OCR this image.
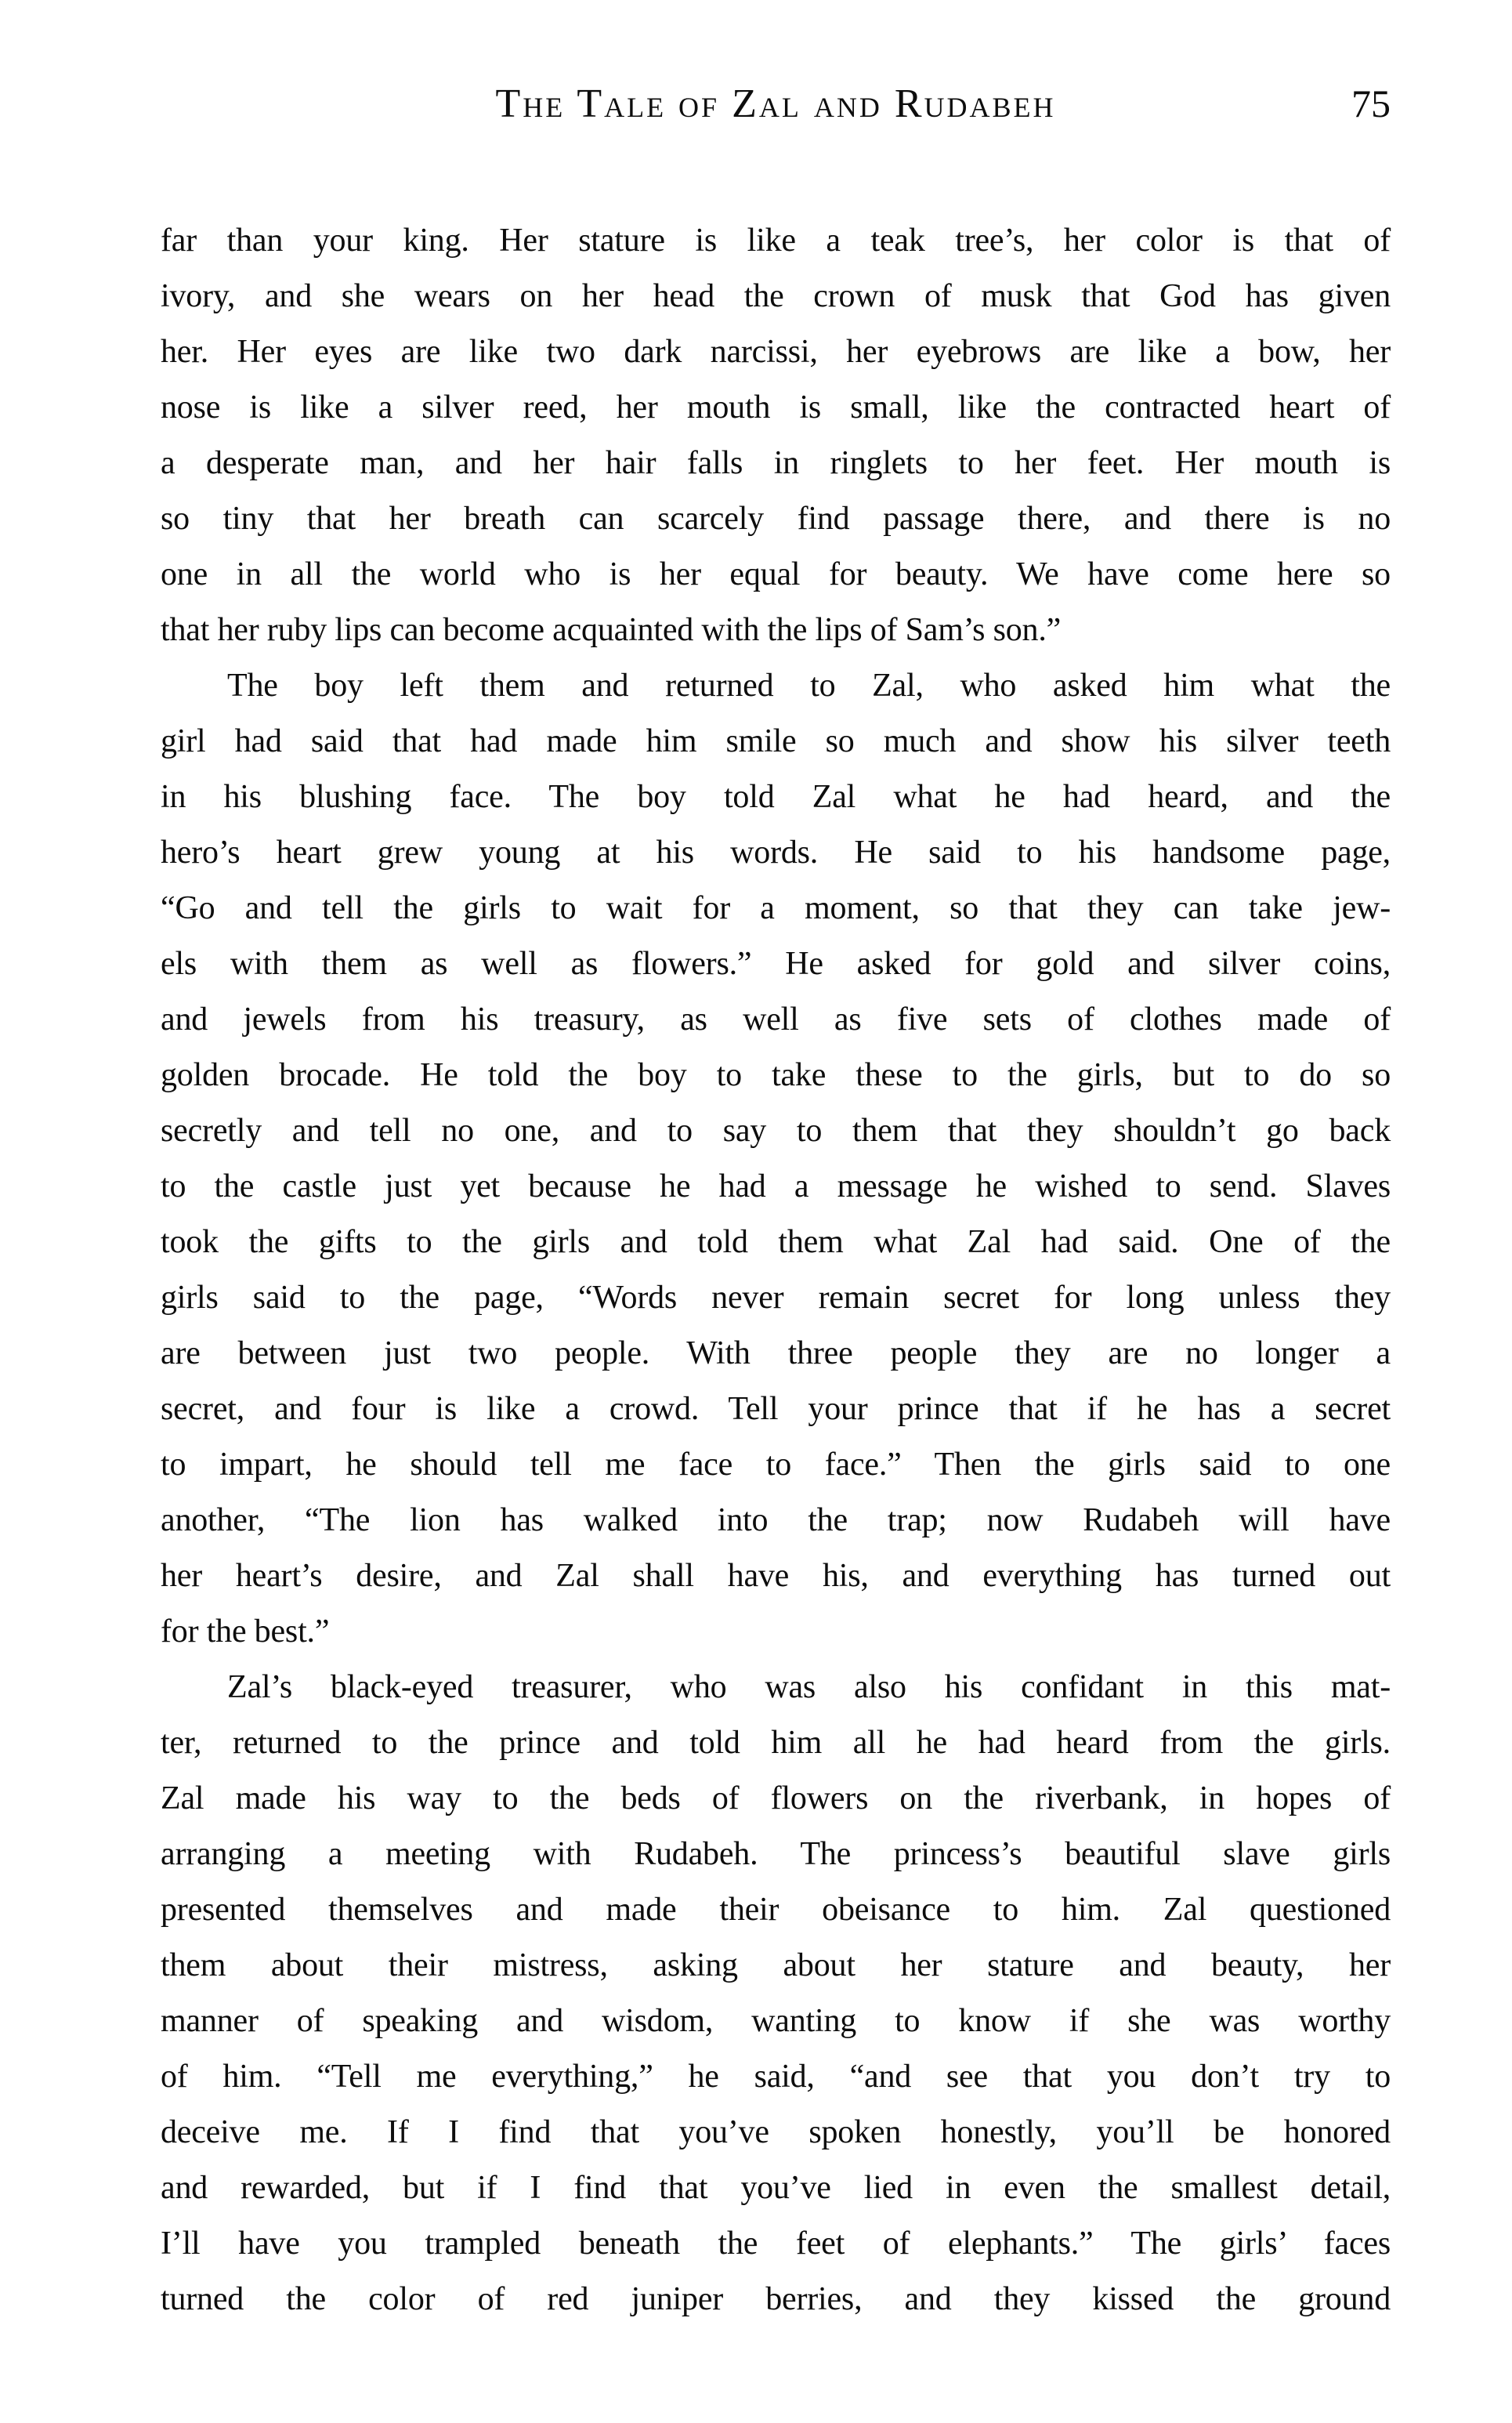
The Tale of Zal and Rudabeh	75
far than your king. Her stature is like a teak tree’s, her color is that of
ivory, and she wears on her head the crown of musk that God has given
her. Her eyes are like two dark narcissi, her eyebrows are like a bow, her
nose is like a silver reed, her mouth is small, like the contracted heart of
a desperate man, and her hair falls in ringlets to her feet. Her mouth is
so tiny that her breath can scarcely find passage there, and there is no
one in all the world who is her equal for beauty. We have come here so
that her ruby lips can become acquainted with the lips of Sam’s son.”
The boy left them and returned to Zal, who asked him what the
girl had said that had made him smile so much and show his silver teeth
in his blushing face. The boy told Zal what he had heard, and the
hero’s heart grew young at his words. He said to his handsome page,
“Go and tell the girls to wait for a moment, so that they can take jew-
els with them as well as flowers.” He asked for gold and silver coins,
and jewels from his treasury, as well as five sets of clothes made of
golden brocade. He told the boy to take these to the girls, but to do so
secretly and tell no one, and to say to them that they shouldn’t go back
to the castle just yet because he had a message he wished to send. Slaves
took the gifts to the girls and told them what Zal had said. One of the
girls said to the page, “Words never remain secret for long unless they
are between just two people. With three people they are no longer a
secret, and four is like a crowd. Tell your prince that if he has a secret
to impart, he should tell me face to face.” Then the girls said to one
another, “The lion has walked into the trap; now Rudabeh will have
her heart’s desire, and Zal shall have his, and everything has turned out
for the best.”
Zal’s black-eyed treasurer, who was also his confidant in this mat-
ter, returned to the prince and told him all he had heard from the girls.
Zal made his way to the beds of flowers on the riverbank, in hopes of
arranging a meeting with Rudabeh. The princess’s beautiful slave girls
presented themselves and made their obeisance to him. Zal questioned
them about their mistress, asking about her stature and beauty, her
manner of speaking and wisdom, wanting to know if she was worthy
of him. “Tell me everything,” he said, “and see that you don’t try to
deceive me. If I find that you’ve spoken honestly, you’ll be honored
and rewarded, but if I find that you’ve lied in even the smallest detail,
I’ll have you trampled beneath the feet of elephants.” The girls’ faces
turned the color of red juniper berries, and they kissed the ground
